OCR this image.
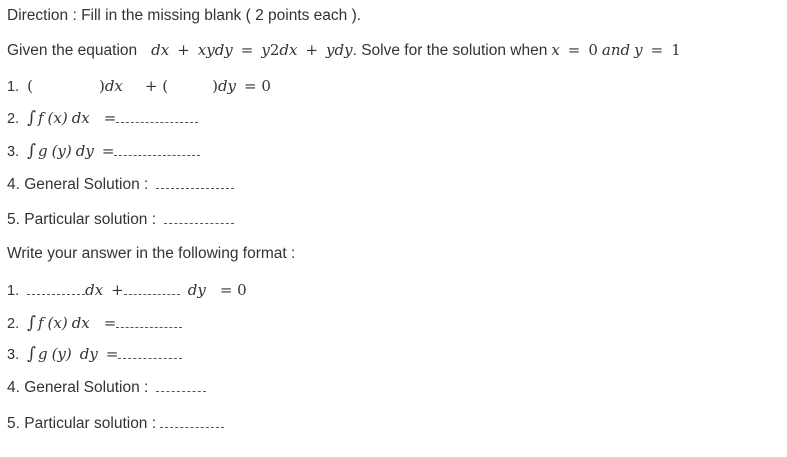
Direction : Fill in the missing blank ( 2 points each ).
Given the equation dx + xydy = y 2 dx + ydy . Solve for the solution when x = 0 and y = 1
1. (	) dx + (	) dy = 0
2. ∫ f (x) dx =
3. ∫ g (y) dy =
4. General Solution :
5. Particular solution :
Write your answer in the following format :
1.	dx +	dy = 0
2. ∫ f (x) dx =
3. ∫ g (y) dy =
4. General Solution :
5. Particular solution :
